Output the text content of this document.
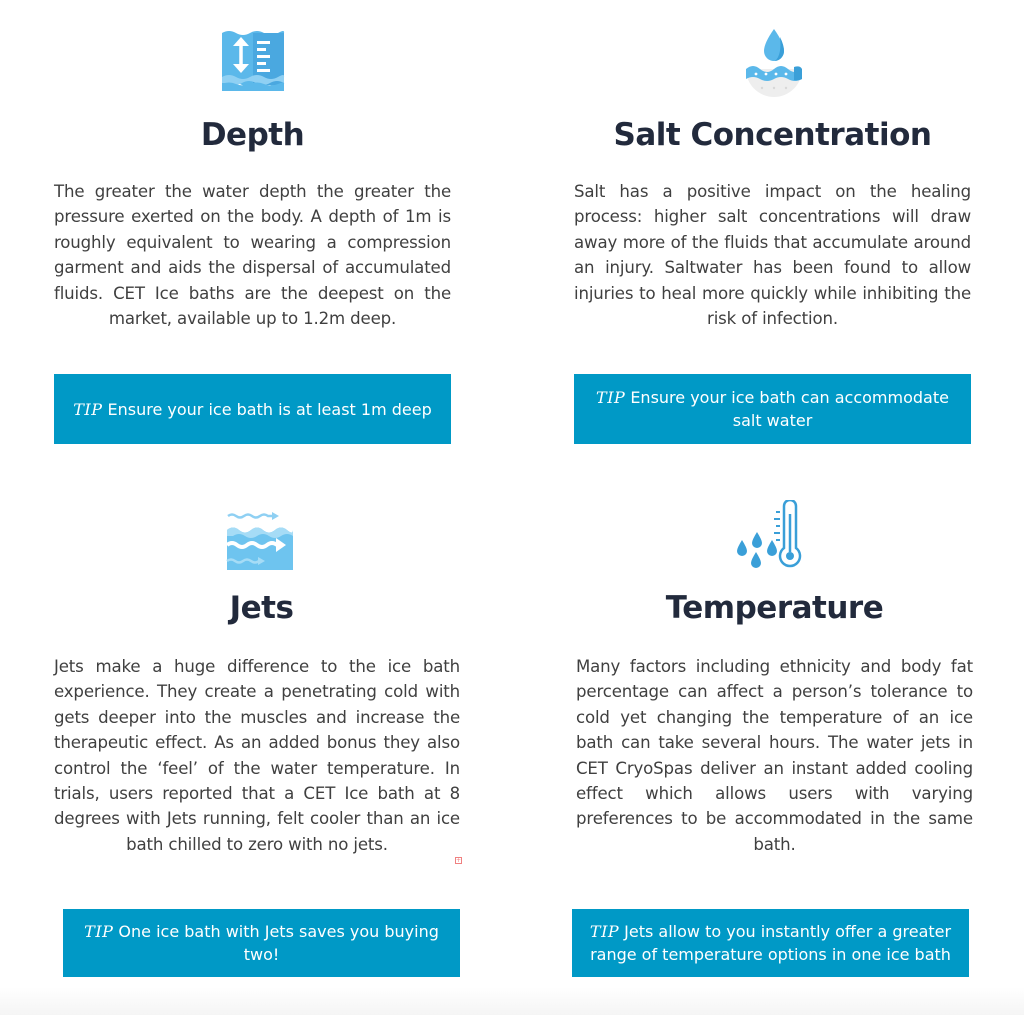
Depth
The greater the water depth the greater the pressure exerted on the body. A depth of 1m is roughly equivalent to wearing a compression garment and aids the dispersal of accumulated fluids. CET Ice baths are the deepest on the market, available up to 1.2m deep.
TIP Ensure your ice bath is at least 1m deep
Salt Concentration
Salt has a positive impact on the healing process: higher salt concentrations will draw away more of the fluids that accumulate around an injury. Saltwater has been found to allow injuries to heal more quickly while inhibiting the risk of infection.
TIP Ensure your ice bath can accommodate salt water
Jets
Jets make a huge difference to the ice bath experience. They create a penetrating cold with gets deeper into the muscles and increase the therapeutic effect. As an added bonus they also control the ‘feel’ of the water temperature. In trials, users reported that a CET Ice bath at 8 degrees with Jets running, felt cooler than an ice bath chilled to zero with no jets.
TIP One ice bath with Jets saves you buying two!
+
Temperature
Many factors including ethnicity and body fat percentage can affect a person’s tolerance to cold yet changing the temperature of an ice bath can take several hours. The water jets in CET CryoSpas deliver an instant added cooling effect which allows users with varying preferences to be accommodated in the same bath.
TIP Jets allow to you instantly offer a greater range of temperature options in one ice bath
